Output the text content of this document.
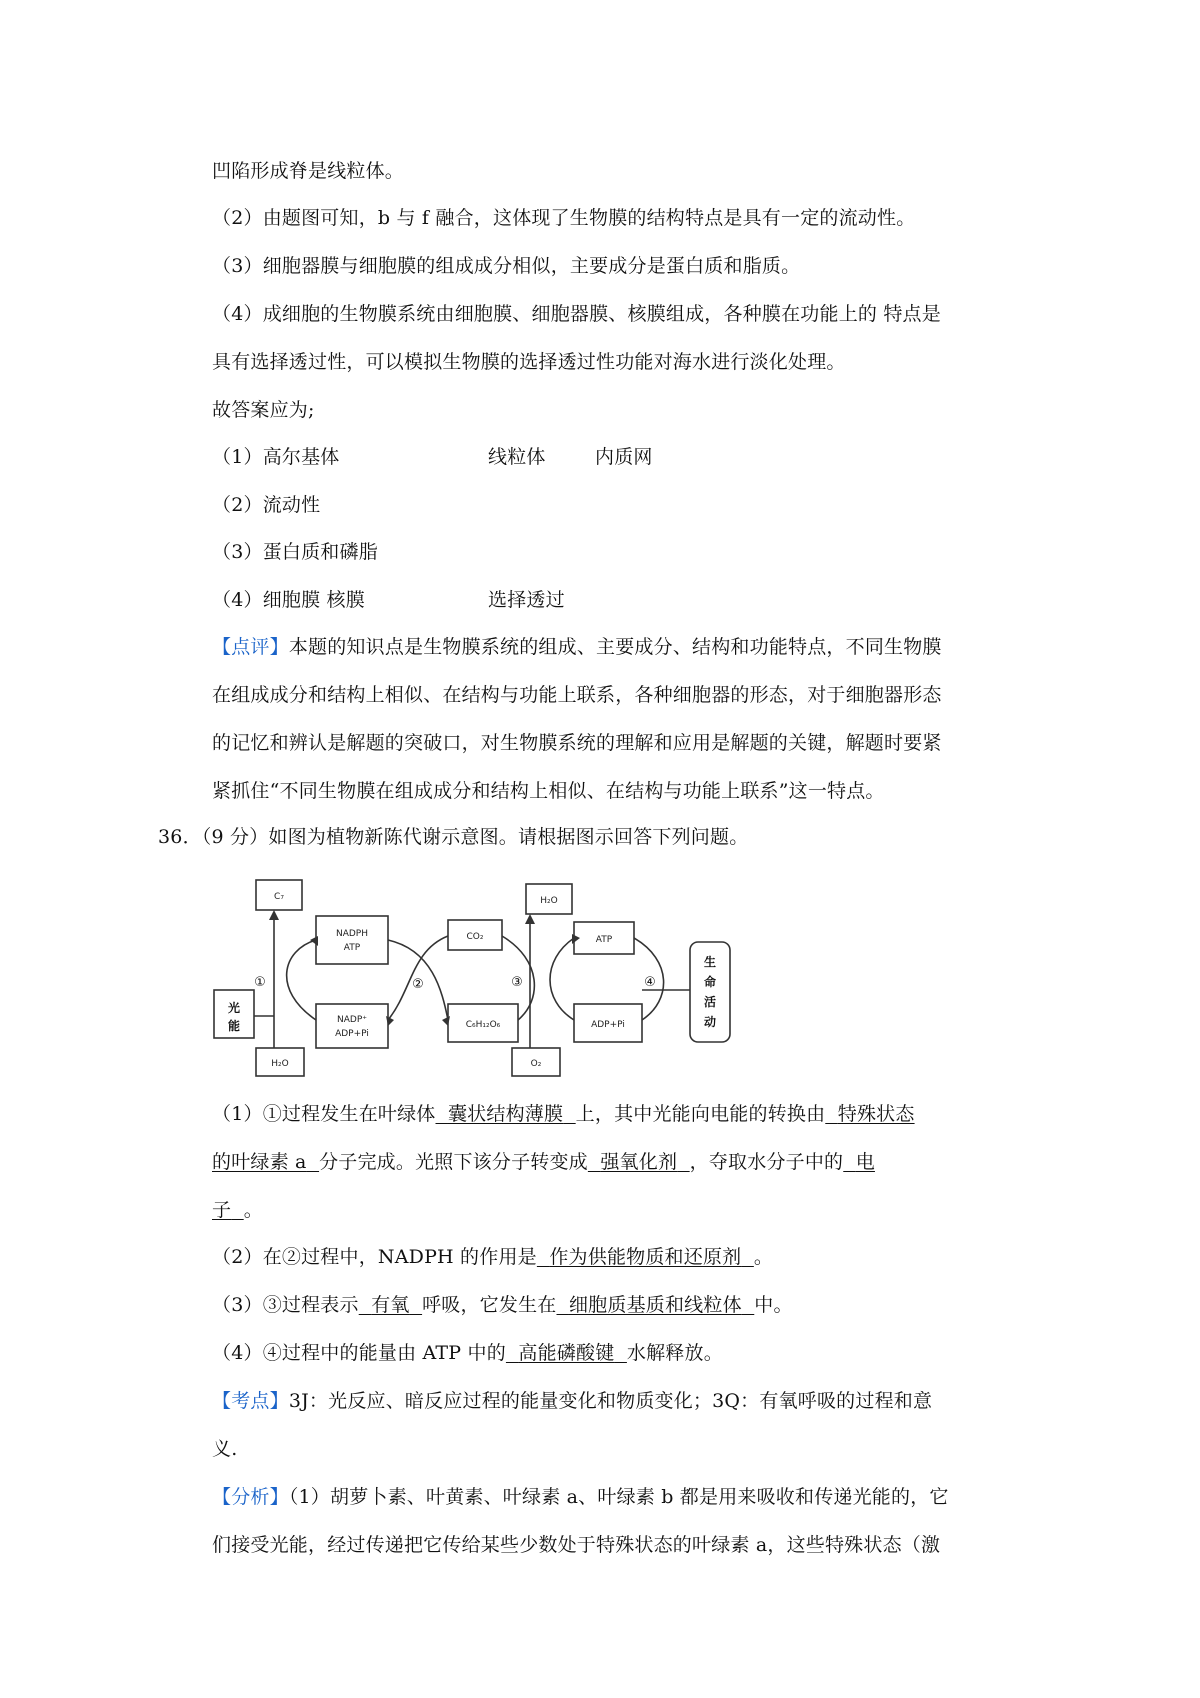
凹陷形成脊是线粒体。
（2）由题图可知，b 与 f 融合，这体现了生物膜的结构特点是具有一定的流动性。
（3）细胞器膜与细胞膜的组成成分相似，主要成分是蛋白质和脂质。
（4）成细胞的生物膜系统由细胞膜、细胞器膜、核膜组成，各种膜在功能上的 特点是
具有选择透过性，可以模拟生物膜的选择透过性功能对海水进行淡化处理。
故答案应为;
（1）高尔基体	内质网
线粒体
（2）流动性
（3）蛋白质和磷脂
（4）细胞膜 核膜	选择透过
【点评】本题的知识点是生物膜系统的组成、主要成分、结构和功能特点，不同生物膜
在组成成分和结构上相似、在结构与功能上联系，各种细胞器的形态，对于细胞器形态
的记忆和辨认是解题的突破口，对生物膜系统的理解和应用是解题的关键，解题时要紧
紧抓住“不同生物膜在组成成分和结构上相似、在结构与功能上联系”这一特点。
36．（9 分）如图为植物新陈代谢示意图。请根据图示回答下列问题。
C₇
NADPH
ATP
CO₂
H₂O
ATP
NADP⁺
ADP+Pi
C₆H₁₂O₆	ADP+Pi
H₂O	O₂
光
能
生
命
活
动
①	②	③	④
（1）①过程发生在叶绿体 囊状结构薄膜 上，其中光能向电能的转换由 特殊状态
的叶绿素 a 分子完成。光照下该分子转变成 强氧化剂 ，夺取水分子中的 电
子 。
（2）在②过程中，NADPH 的作用是 作为供能物质和还原剂 。
（3）③过程表示 有氧 呼吸，它发生在 细胞质基质和线粒体 中。
（4）④过程中的能量由 ATP 中的 高能磷酸键 水解释放。
【考点】3J：光反应、暗反应过程的能量变化和物质变化；3Q：有氧呼吸的过程和意
义.
【分析】（1）胡萝卜素、叶黄素、叶绿素 a、叶绿素 b 都是用来吸收和传递光能的，它
们接受光能，经过传递把它传给某些少数处于特殊状态的叶绿素 a，这些特殊状态（激
